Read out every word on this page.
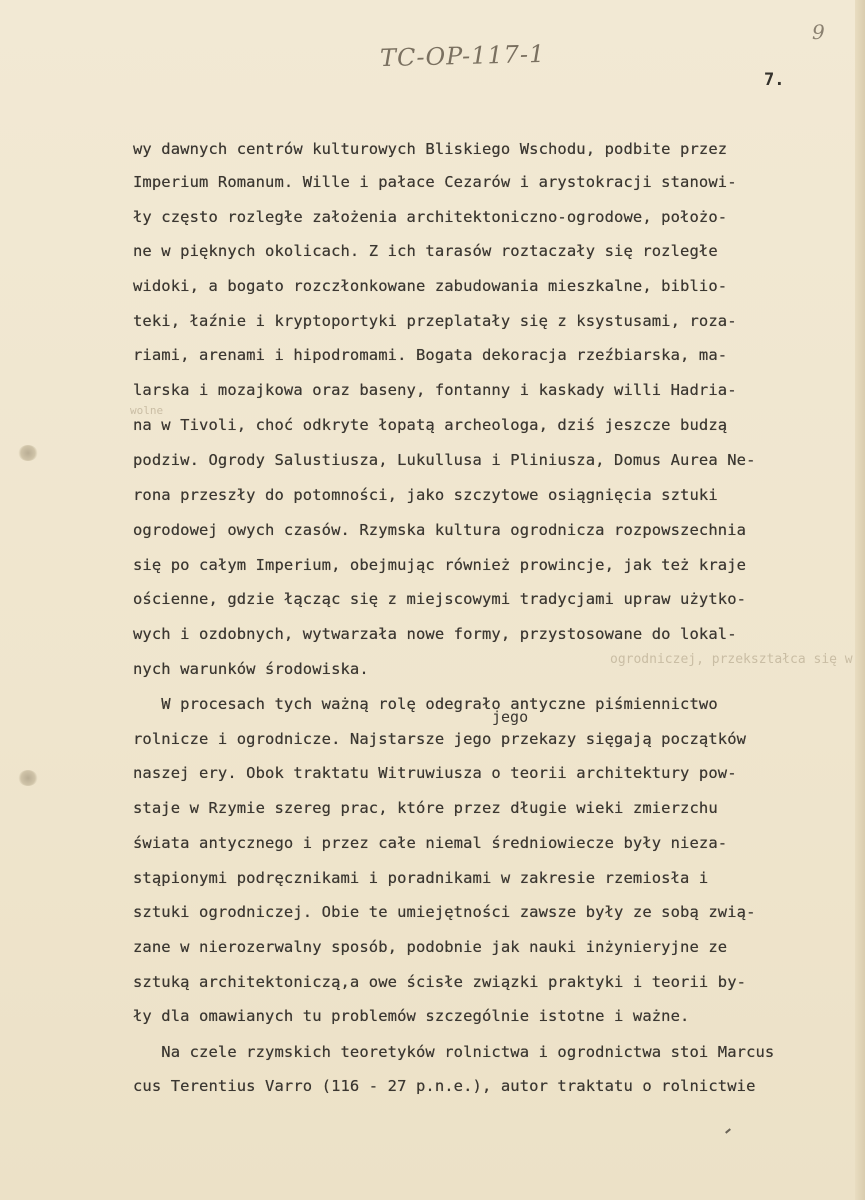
TC-OP-117-1
9
7.
wy dawnych centrów kulturowych Bliskiego Wschodu, podbite przez
Imperium Romanum. Wille i pałace Cezarów i arystokracji stanowi-
ły często rozległe założenia architektoniczno-ogrodowe, położo-
ne w pięknych okolicach. Z ich tarasów roztaczały się rozległe
widoki, a bogato rozczłonkowane zabudowania mieszkalne, biblio-
teki, łaźnie i kryptoportyki przeplatały się z ksystusami, roza-
riami, arenami i hipodromami. Bogata dekoracja rzeźbiarska, ma-
larska i mozajkowa oraz baseny, fontanny i kaskady willi Hadria-
na w Tivoli, choć odkryte łopatą archeologa, dziś jeszcze budzą
podziw. Ogrody Salustiusza, Lukullusa i Pliniusza, Domus Aurea Ne-
rona przeszły do potomności, jako szczytowe osiągnięcia sztuki
ogrodowej owych czasów. Rzymska kultura ogrodnicza rozpowszechnia
się po całym Imperium, obejmując również prowincje, jak też kraje
ościenne, gdzie łącząc się z miejscowymi tradycjami upraw użytko-
wych i ozdobnych, wytwarzała nowe formy, przystosowane do lokal-
nych warunków środowiska.
W procesach tych ważną rolę odegrało antyczne piśmiennictwo
rolnicze i ogrodnicze. Najstarsze jego przekazy sięgają początków
naszej ery. Obok traktatu Witruwiusza o teorii architektury pow-
staje w Rzymie szereg prac, które przez długie wieki zmierzchu
świata antycznego i przez całe niemal średniowiecze były niezа-
stąpionymi podręcznikami i poradnikami w zakresie rzemiosła i
sztuki ogrodniczej. Obie te umiejętności zawsze były ze sobą zwią-
zane w nierozerwalny sposób, podobnie jak nauki inżynieryjne ze
sztuką architektoniczą,a owe ścisłe związki praktyki i teorii by-
ły dla omawianych tu problemów szczególnie istotne i ważne.
Na czele rzymskich teoretyków rolnictwa i ogrodnictwa stoi Marcus
cus Terentius Varro (116 - 27 p.n.e.), autor traktatu o rolnictwie
jego
wolne
ogrodniczej, przekształca się w
